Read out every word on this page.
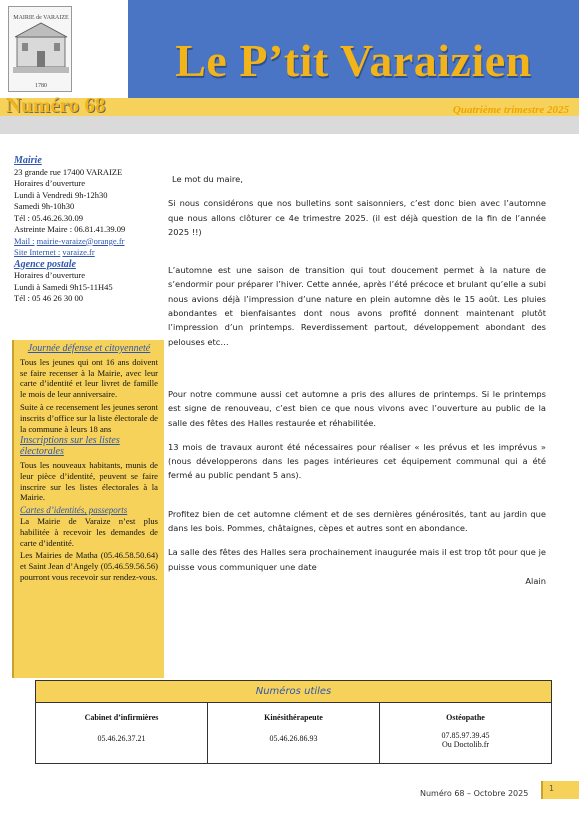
MAIRIE de VARAIZE
1780	Le P’tit Varaizien
Numéro 68	Quatrième trimestre 2025
Mairie
23 grande rue 17400 VARAIZE
Horaires d’ouverture
Lundi à Vendredi 9h-12h30
Samedi 9h-10h30
Tél : 05.46.26.30.09
Astreinte Maire : 06.81.41.39.09
Mail : mairie-varaize@orange.fr
Site Internet : varaize.fr
Agence postale
Horaires d’ouverture
Lundi à Samedi 9h15-11H45
Tél : 05 46 26 30 00
Journée défense et citoyenneté

Tous les jeunes qui ont 16 ans doivent se faire recenser à la Mairie, avec leur carte d’identité et leur livret de famille le mois de leur anniversaire.

Suite à ce recensement les jeunes seront inscrits d’office sur la liste électorale de la commune à leurs 18 ans

Inscriptions sur les listes électorales

Tous les nouveaux habitants, munis de leur pièce d’identité, peuvent se faire inscrire sur les listes électorales à la Mairie.

Cartes d’identités, passeports

La Mairie de Varaize n’est plus habilitée à recevoir les demandes de carte d’identité.

Les Mairies de Matha (05.46.58.50.64) et Saint Jean d’Angely (05.46.59.56.56) pourront vous recevoir sur rendez-vous.

Le mot du maire,

Si nous considérons que nos bulletins sont saisonniers, c’est donc bien avec l’automne que nous allons clôturer ce 4e trimestre 2025. (il est déjà question de la fin de l’année 2025 !!)

L’automne est une saison de transition qui tout doucement permet à la nature de s’endormir pour préparer l’hiver. Cette année, après l’été précoce et brulant qu’elle a subi nous avions déjà l’impression d’une nature en plein automne dès le 15 août. Les pluies abondantes et bienfaisantes dont nous avons profité donnent maintenant plutôt l’impression d’un printemps. Reverdissement partout, développement abondant des pelouses etc…

Pour notre commune aussi cet automne a pris des allures de printemps. Si le printemps est signe de renouveau, c’est bien ce que nous vivons avec l’ouverture au public de la salle des fêtes des Halles restaurée et réhabilitée.

13 mois de travaux auront été nécessaires pour réaliser « les prévus et les imprévus » (nous développerons dans les pages intérieures cet équipement communal qui a été fermé au public pendant 5 ans).

Profitez bien de cet automne clément et de ses dernières générosités, tant au jardin que dans les bois. Pommes, châtaignes, cèpes et autres sont en abondance.

La salle des fêtes des Halles sera prochainement inaugurée mais il est trop tôt pour que je puisse vous communiquer une date

Alain
Numéros utiles
Cabinet d’infirmières
05.46.26.37.21
Kinésithérapeute
05.46.26.86.93
Ostéopathe
07.85.97.39.45
Ou Doctolib.fr
Numéro 68 – Octobre 2025
1
